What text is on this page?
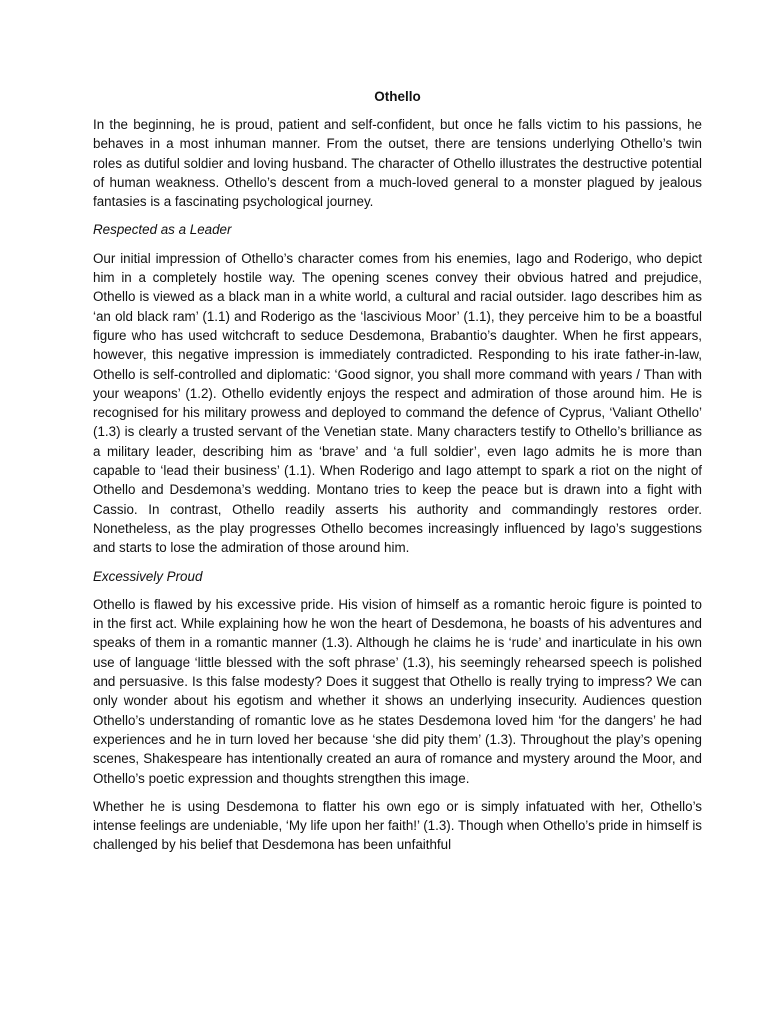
Othello

In the beginning, he is proud, patient and self-confident, but once he falls victim to his passions, he behaves in a most inhuman manner. From the outset, there are tensions underlying Othello’s twin roles as dutiful soldier and loving husband. The character of Othello illustrates the destructive potential of human weakness. Othello’s descent from a much-loved general to a monster plagued by jealous fantasies is a fascinating psychological journey.

Respected as a Leader

Our initial impression of Othello’s character comes from his enemies, Iago and Roderigo, who depict him in a completely hostile way. The opening scenes convey their obvious hatred and prejudice, Othello is viewed as a black man in a white world, a cultural and racial outsider. Iago describes him as ‘an old black ram’ (1.1) and Roderigo as the ‘lascivious Moor’ (1.1), they perceive him to be a boastful figure who has used witchcraft to seduce Desdemona, Brabantio’s daughter. When he first appears, however, this negative impression is immediately contradicted. Responding to his irate father-in-law, Othello is self-controlled and diplomatic: ‘Good signor, you shall more command with years / Than with your weapons’ (1.2). Othello evidently enjoys the respect and admiration of those around him. He is recognised for his military prowess and deployed to command the defence of Cyprus, ‘Valiant Othello’ (1.3) is clearly a trusted servant of the Venetian state. Many characters testify to Othello’s brilliance as a military leader, describing him as ‘brave’ and ‘a full soldier’, even Iago admits he is more than capable to ‘lead their business’ (1.1). When Roderigo and Iago attempt to spark a riot on the night of Othello and Desdemona’s wedding. Montano tries to keep the peace but is drawn into a fight with Cassio. In contrast, Othello readily asserts his authority and commandingly restores order. Nonetheless, as the play progresses Othello becomes increasingly influenced by Iago’s suggestions and starts to lose the admiration of those around him.

Excessively Proud

Othello is flawed by his excessive pride. His vision of himself as a romantic heroic figure is pointed to in the first act. While explaining how he won the heart of Desdemona, he boasts of his adventures and speaks of them in a romantic manner (1.3). Although he claims he is ‘rude’ and inarticulate in his own use of language ‘little blessed with the soft phrase’ (1.3), his seemingly rehearsed speech is polished and persuasive. Is this false modesty? Does it suggest that Othello is really trying to impress? We can only wonder about his egotism and whether it shows an underlying insecurity. Audiences question Othello’s understanding of romantic love as he states Desdemona loved him ‘for the dangers’ he had experiences and he in turn loved her because ‘she did pity them’ (1.3). Throughout the play’s opening scenes, Shakespeare has intentionally created an aura of romance and mystery around the Moor, and Othello’s poetic expression and thoughts strengthen this image.

Whether he is using Desdemona to flatter his own ego or is simply infatuated with her, Othello’s intense feelings are undeniable, ‘My life upon her faith!’ (1.3). Though when Othello’s pride in himself is challenged by his belief that Desdemona has been unfaithful
